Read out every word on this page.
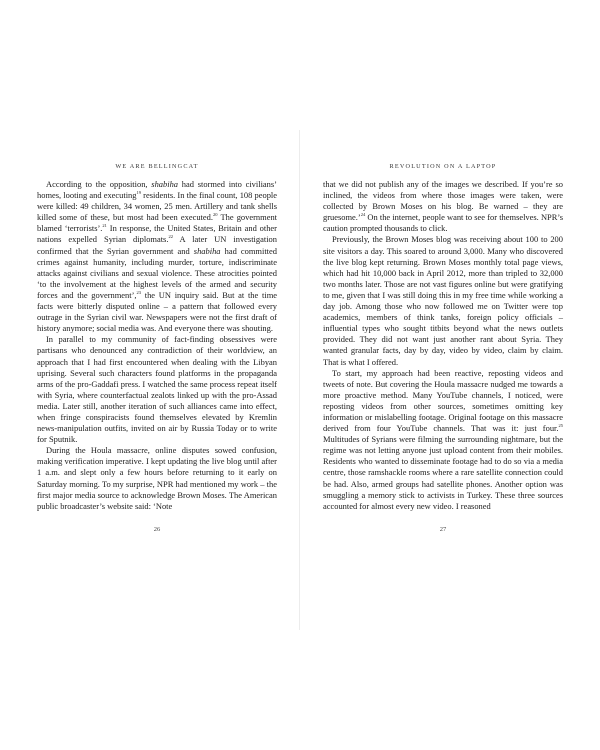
WE ARE BELLINGCAT

According to the opposition, shabiha had stormed into civilians’ homes, looting and executing$^{19}$ residents. In the final count, 108 people were killed: 49 children, 34 women, 25 men. Artillery and tank shells killed some of these, but most had been executed.$^{20}$ The government blamed ‘terrorists’.$^{21}$ In response, the United States, Britain and other nations expelled Syrian diplomats.$^{22}$ A later UN investigation confirmed that the Syrian government and shabiha had committed crimes against humanity, including murder, torture, indiscriminate attacks against civilians and sexual violence. These atrocities pointed ‘to the involvement at the highest levels of the armed and security forces and the government’,$^{23}$ the UN inquiry said. But at the time facts were bitterly disputed online – a pattern that followed every outrage in the Syrian civil war. Newspapers were not the first draft of history anymore; social media was. And everyone there was shouting.

In parallel to my community of fact-finding obsessives were partisans who denounced any contradiction of their worldview, an approach that I had first encountered when dealing with the Libyan uprising. Several such characters found platforms in the propaganda arms of the pro-Gaddafi press. I watched the same process repeat itself with Syria, where counterfactual zealots linked up with the pro-Assad media. Later still, another iteration of such alliances came into effect, when fringe conspiracists found themselves elevated by Kremlin news-manipulation outfits, invited on air by Russia Today or to write for Sputnik.

During the Houla massacre, online disputes sowed confusion, making verification imperative. I kept updating the live blog until after 1 a.m. and slept only a few hours before returning to it early on Saturday morning. To my surprise, NPR had mentioned my work – the first major media source to acknowledge Brown Moses. The American public broadcaster’s website said: ‘Note

26
REVOLUTION ON A LAPTOP

that we did not publish any of the images we described. If you’re so inclined, the videos from where those images were taken, were collected by Brown Moses on his blog. Be warned – they are gruesome.’$^{24}$ On the internet, people want to see for themselves. NPR’s caution prompted thousands to click.

Previously, the Brown Moses blog was receiving about 100 to 200 site visitors a day. This soared to around 3,000. Many who discovered the live blog kept returning. Brown Moses monthly total page views, which had hit 10,000 back in April 2012, more than tripled to 32,000 two months later. Those are not vast figures online but were gratifying to me, given that I was still doing this in my free time while working a day job. Among those who now followed me on Twitter were top academics, members of think tanks, foreign policy officials – influential types who sought titbits beyond what the news outlets provided. They did not want just another rant about Syria. They wanted granular facts, day by day, video by video, claim by claim. That is what I offered.

To start, my approach had been reactive, reposting videos and tweets of note. But covering the Houla massacre nudged me towards a more proactive method. Many YouTube channels, I noticed, were reposting videos from other sources, sometimes omitting key information or mislabelling footage. Original footage on this massacre derived from four YouTube channels. That was it: just four.$^{25}$ Multitudes of Syrians were filming the surrounding nightmare, but the regime was not letting anyone just upload content from their mobiles. Residents who wanted to disseminate footage had to do so via a media centre, those ramshackle rooms where a rare satellite connection could be had. Also, armed groups had satellite phones. Another option was smuggling a memory stick to activists in Turkey. These three sources accounted for almost every new video. I reasoned

27
